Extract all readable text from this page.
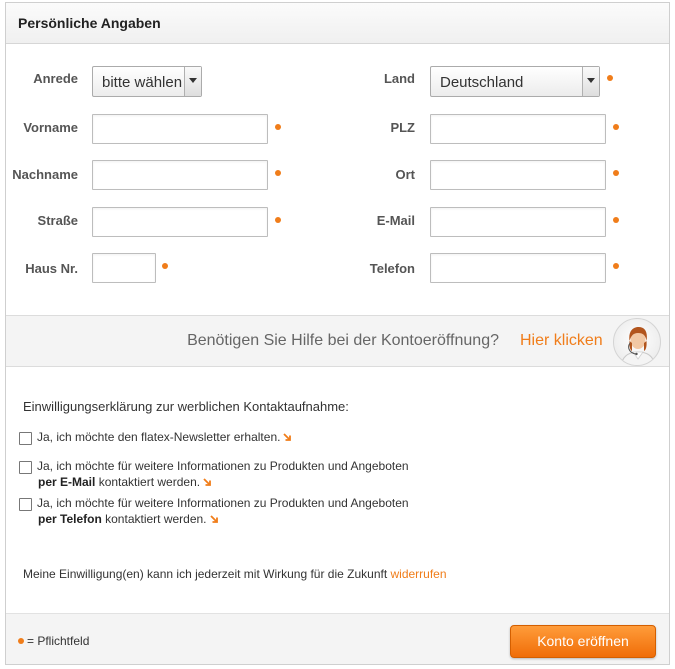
Persönliche Angaben
Anrede bitte wählen	Land Deutschland
Vorname	PLZ
Nachname	Ort
Straße	E-Mail
Haus Nr.	Telefon
Benötigen Sie Hilfe bei der Kontoeröffnung? Hier klicken
Einwilligungserklärung zur werblichen Kontaktaufnahme:
Ja, ich möchte den flatex-Newsletter erhalten.
Ja, ich möchte für weitere Informationen zu Produkten und Angeboten
per E-Mail kontaktiert werden.
Ja, ich möchte für weitere Informationen zu Produkten und Angeboten
per Telefon kontaktiert werden.
Meine Einwilligung(en) kann ich jederzeit mit Wirkung für die Zukunft widerrufen
= Pflichtfeld	Konto eröffnen
